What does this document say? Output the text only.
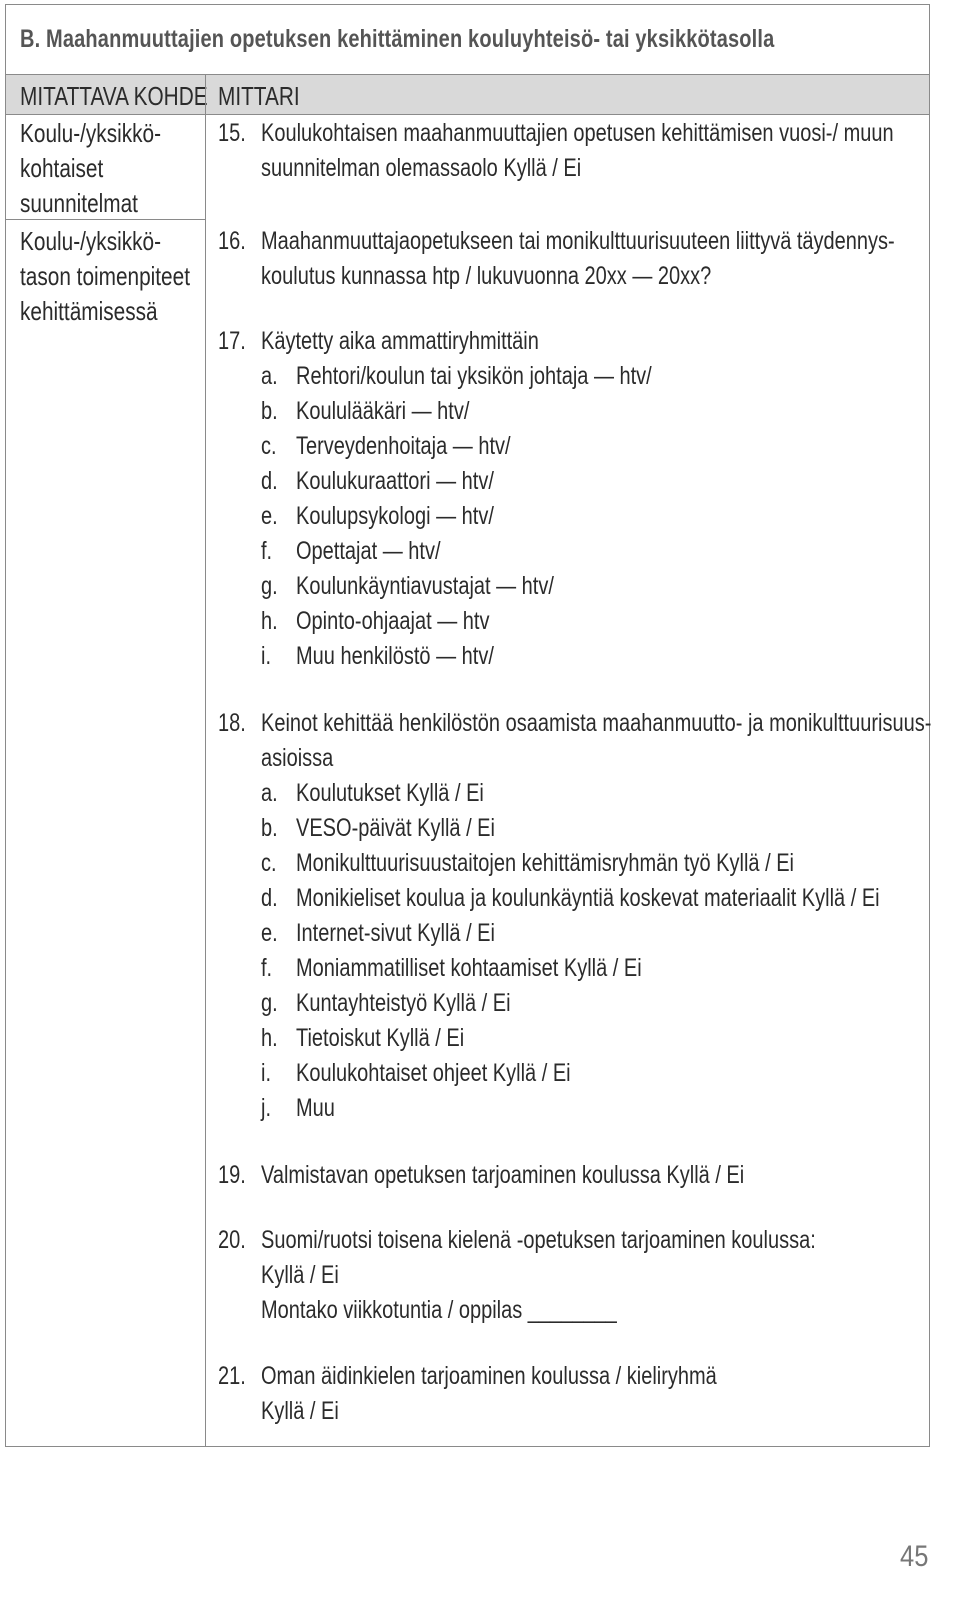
B. Maahanmuuttajien opetuksen kehittäminen kouluyhteisö- tai yksikkötasolla
MITATTAVA KOHDE MITTARI
Koulu-/yksikkö-
kohtaiset
suunnitelmat
Koulu-/yksikkö-
tason toimenpiteet
kehittämisessä
15. Koulukohtaisen maahanmuuttajien opetusen kehittämisen vuosi-/ muun
suunnitelman olemassaolo Kyllä / Ei
16. Maahanmuuttajaopetukseen tai monikulttuurisuuteen liittyvä täydennys-
koulutus kunnassa htp / lukuvuonna 20xx — 20xx?
17. Käytetty aika ammattiryhmittäin
a. Rehtori/koulun tai yksikön johtaja — htv/
b. Koululääkäri — htv/
c. Terveydenhoitaja — htv/
d. Koulukuraattori — htv/
e. Koulupsykologi — htv/
f. Opettajat — htv/
g. Koulunkäyntiavustajat — htv/
h. Opinto-ohjaajat — htv
i. Muu henkilöstö — htv/
18. Keinot kehittää henkilöstön osaamista maahanmuutto- ja monikulttuurisuus-
asioissa
a. Koulutukset Kyllä / Ei
b. VESO-päivät Kyllä / Ei
c. Monikulttuurisuustaitojen kehittämisryhmän työ Kyllä / Ei
d. Monikieliset koulua ja koulunkäyntiä koskevat materiaalit Kyllä / Ei
e. Internet-sivut Kyllä / Ei
f. Moniammatilliset kohtaamiset Kyllä / Ei
g. Kuntayhteistyö Kyllä / Ei
h. Tietoiskut Kyllä / Ei
i. Koulukohtaiset ohjeet Kyllä / Ei
j. Muu
19. Valmistavan opetuksen tarjoaminen koulussa Kyllä / Ei
20. Suomi/ruotsi toisena kielenä -opetuksen tarjoaminen koulussa:
Kyllä / Ei
Montako viikkotuntia / oppilas ________
21. Oman äidinkielen tarjoaminen koulussa / kieliryhmä
Kyllä / Ei
45
